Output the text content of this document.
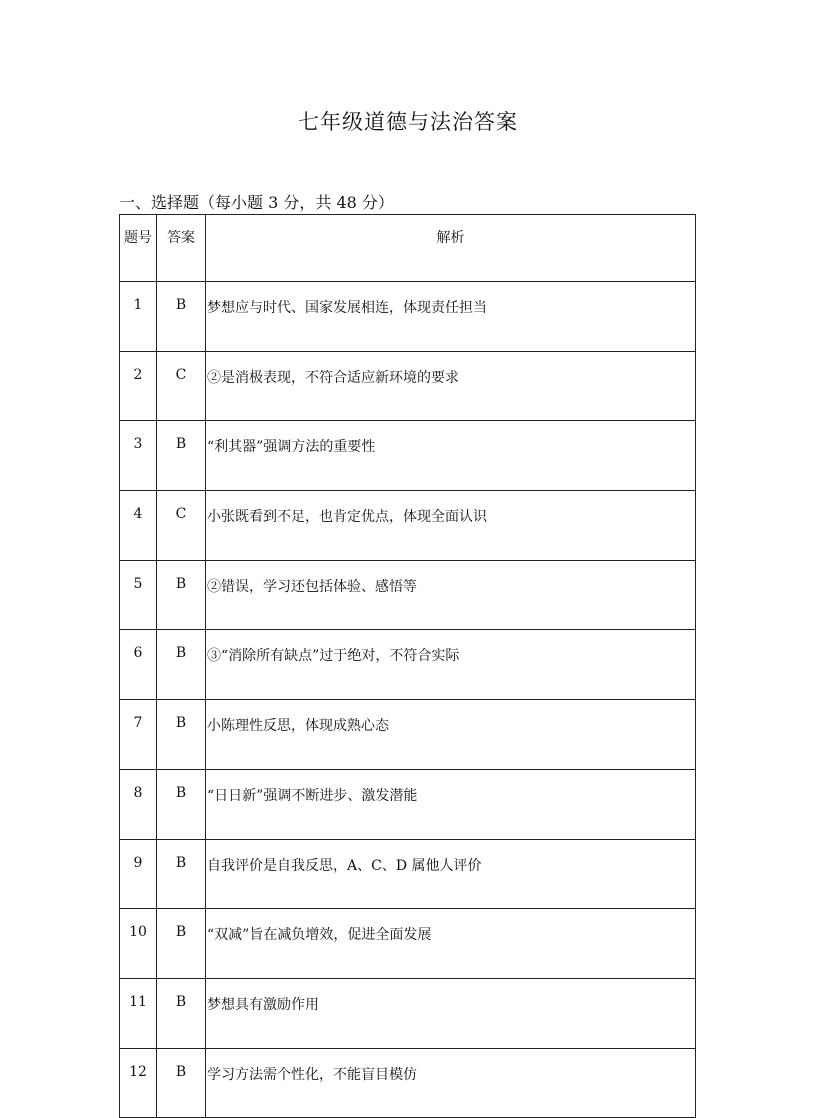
七年级道德与法治答案
一、选择题（每小题 3 分，共 48 分）
题号	答案	解析
1	B	梦想应与时代、国家发展相连，体现责任担当
2	C	②是消极表现，不符合适应新环境的要求
3	B	“利其器”强调方法的重要性
4	C	小张既看到不足，也肯定优点，体现全面认识
5	B	②错误，学习还包括体验、感悟等
6	B	③“消除所有缺点”过于绝对，不符合实际
7	B	小陈理性反思，体现成熟心态
8	B	“日日新”强调不断进步、激发潜能
9	B	自我评价是自我反思，A、C、D 属他人评价
10	B	“双减”旨在减负增效，促进全面发展
11	B	梦想具有激励作用
12	B	学习方法需个性化，不能盲目模仿
